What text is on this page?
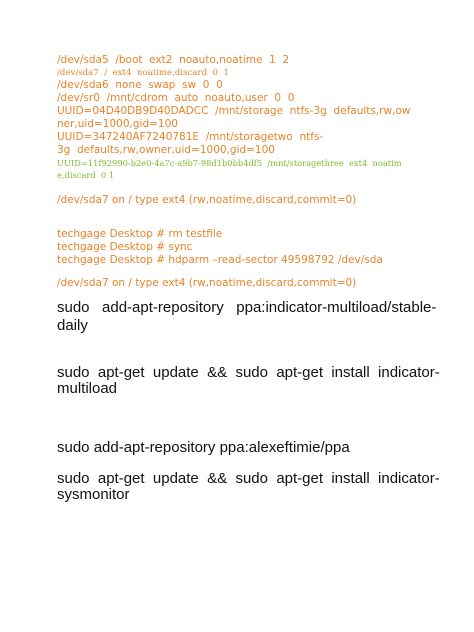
/dev/sda5  /boot  ext2  noauto,noatime  1  2
/dev/sda7  /  ext4  noatime,discard  0  1
/dev/sda6  none  swap  sw  0  0
/dev/sr0  /mnt/cdrom  auto  noauto,user  0  0
UUID=04D40DB9D40DADCC  /mnt/storage  ntfs-3g  defaults,rw,ow
ner,uid=1000,gid=100
UUID=347240AF7240781E  /mnt/storagetwo  ntfs-
3g  defaults,rw,owner,uid=1000,gid=100
UUID=11f92990-b2e0-4a7c-a9b7-98d1b0bb4df5  /mnt/storagethree  ext4  noatim
e,discard  0 1
/dev/sda7 on / type ext4 (rw,noatime,discard,commit=0)
techgage Desktop # rm testfile
techgage Desktop # sync
techgage Desktop # hdparm –read-sector 49598792 /dev/sda
/dev/sda7 on / type ext4 (rw,noatime,discard,commit=0)
sudo   add-apt-repository   ppa:indicator-multiload/stable-
daily
sudo  apt-get  update  &&  sudo  apt-get  install  indicator-
multiload
sudo add-apt-repository ppa:alexeftimie/ppa
sudo  apt-get  update  &&  sudo  apt-get  install  indicator-
sysmonitor
